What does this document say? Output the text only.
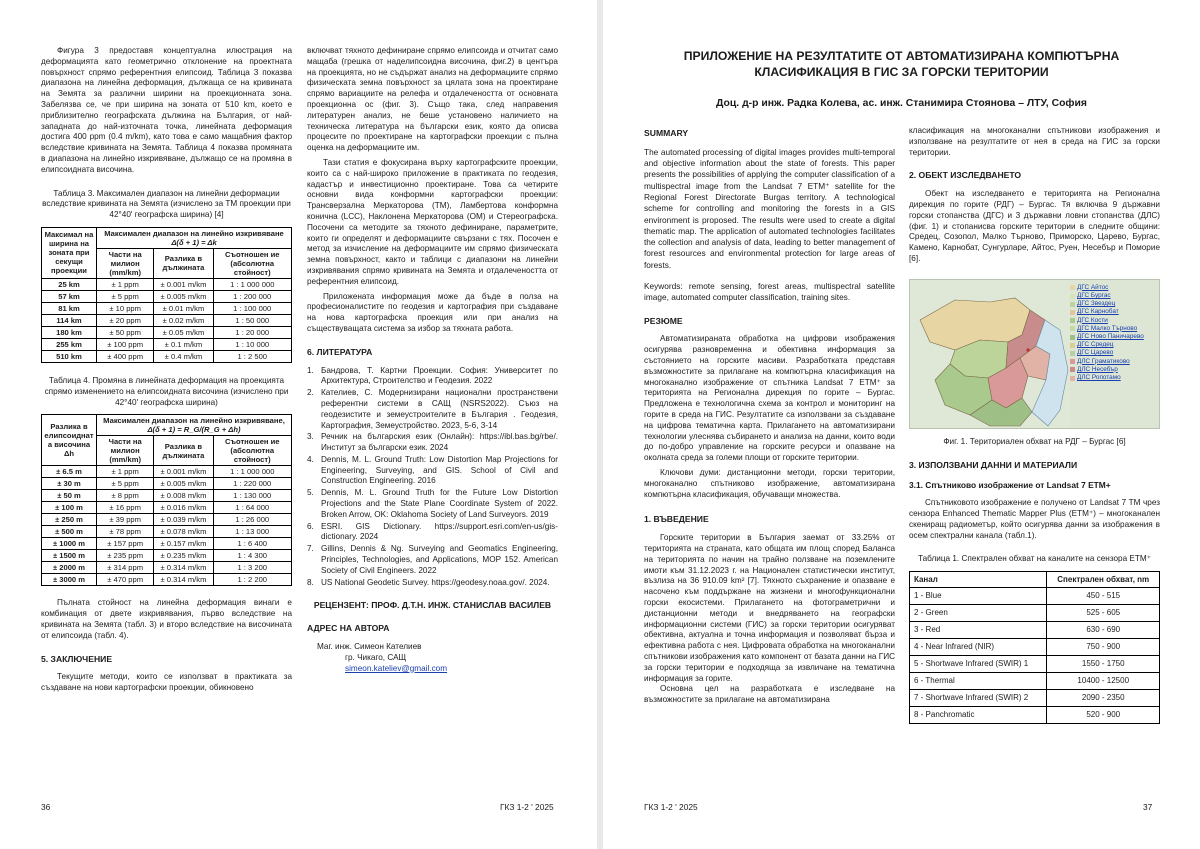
Фигура 3 предоставя концептуална илюстрация на деформацията като геометрично отклонение на проектната повърхност спрямо референтния елипсоид. Таблица 3 показва диапазона на линейна деформация, дължаща се на кривината на Земята за различни ширини на проекционната зона. Забелязва се, че при ширина на зоната от 510 km, което е приблизително географската дължина на България, от най-западната до най-източната точка, линейната деформация достига 400 ppm (0.4 m/km), като това е само мащабния фактор вследствие кривината на Земята. Таблица 4 показва промяната в диапазона на линейно изкривяване, дължащо се на промяна в елипсоидната височина.

Таблица 3. Максимален диапазон на линейни деформации вследствие кривината на Земята (изчислено за TM проекции при 42°40' географска ширина) [4]

Максимал на ширина на зоната при секущи проекции	Максимален диапазон на линейно изкривяване Δ(δ + 1) = Δk		
	Части на милион (mm/km)	Разлика в дължината	Съотношен ие (абсолютна стойност)
25 km	± 1 ppm	± 0.001 m/km	1 : 1 000 000
57 km	± 5 ppm	± 0.005 m/km	1 : 200 000
81 km	± 10 ppm	± 0.01 m/km	1 : 100 000
114 km	± 20 ppm	± 0.02 m/km	1 : 50 000
180 km	± 50 ppm	± 0.05 m/km	1 : 20 000
255 km	± 100 ppm	± 0.1 m/km	1 : 10 000
510 km	± 400 ppm	± 0.4 m/km	1 : 2 500

Таблица 4. Промяна в линейната деформация на проекцията спрямо изменението на елипсоидната височина (изчислено при 42°40' географска ширина)

Разлика в елипсоиднат а височина Δh	Максимален диапазон на линейно изкривяване,
Δ(δ + 1) = R_G/(R_G + Δh)		
	Части на милион (mm/km)	Разлика в дължината	Съотношен ие (абсолютна стойност)
± 6.5 m	± 1 ppm	± 0.001 m/km	1 : 1 000 000
± 30 m	± 5 ppm	± 0.005 m/km	1 : 220 000
± 50 m	± 8 ppm	± 0.008 m/km	1 : 130 000
± 100 m	± 16 ppm	± 0.016 m/km	1 : 64 000
± 250 m	± 39 ppm	± 0.039 m/km	1 : 26 000
± 500 m	± 78 ppm	± 0.078 m/km	1 : 13 000
± 1000 m	± 157 ppm	± 0.157 m/km	1 : 6 400
± 1500 m	± 235 ppm	± 0.235 m/km	1 : 4 300
± 2000 m	± 314 ppm	± 0.314 m/km	1 : 3 200
± 3000 m	± 470 ppm	± 0.314 m/km	1 : 2 200

Пълната стойност на линейна деформация винаги е комбинация от двете изкривявания, първо вследствие на кривината на Земята (табл. 3) и второ вследствие на височината от елипсоида (табл. 4).

5. ЗАКЛЮЧЕНИЕ

Текущите методи, които се използват в практиката за създаване на нови картографски проекции, обикновено

включват тяхното дефиниране спрямо елипсоида и отчитат само мащаба (грешка от наделипсоидна височина, фиг.2) в центъра на проекцията, но не съдържат анализ на деформациите спрямо физическата земна повърхност за цялата зона на проектиране спрямо вариациите на релефа и отдалечеността от основната проекционна ос (фиг. 3). Също така, след направения литературен анализ, не беше установено наличието на техническа литература на български език, която да описва процесите по проектиране на картографски проекции с пълна оценка на деформациите им.

Тази статия е фокусирана върху картографските проекции, които са с най-широко приложение в практиката по геодезия, кадастър и инвестиционно проектиране. Това са четирите основни вида конформни картографски проекции: Трансверзална Меркаторова (TM), Ламбертова конформна конична (LCC), Наклонена Меркаторова (OM) и Стереографска. Посочени са методите за тяхното дефиниране, параметрите, които ги определят и деформациите свързани с тях. Посочен е метод за изчисление на деформациите им спрямо физическата земна повърхност, както и таблици с диапазони на линейни изкривявания спрямо кривината на Земята и отдалечеността от референтния елипсоид.

Приложената информация може да бъде в полза на професионалистите по геодезия и картография при създаване на нова картографска проекция или при анализ на съществуващата система за избор за тяхната работа.

6. ЛИТЕРАТУРА
1. Бандрова, Т. Картни Проекции. София: Университет по Архитектура, Строителство и Геодезия. 2022
2. Кателиев, С. Модернизирани национални пространствени референтни системи в САЩ (NSRS2022). Съюз на геодезистите и земеустроителите в България . Геодезия, Картография, Земеустройство. 2023, 5-6, 3-14
3. Речник на българския език (Онлайн): https://ibl.bas.bg/rbe/. Институт за български език. 2024
4. Dennis, M. L. Ground Truth: Low Distortion Map Projections for Engineering, Surveying, and GIS. School of Civil and Construction Engineering. 2016
5. Dennis, M. L. Ground Truth for the Future Low Distortion Projections and the State Plane Coordinate System of 2022. Broken Arrow, OK: Oklahoma Society of Land Surveyors. 2019
6. ESRI. GIS Dictionary. https://support.esri.com/en-us/gis-dictionary. 2024
7. Gillins, Dennis & Ng. Surveying and Geomatics Engineering, Principles, Technologies, and Applications, MOP 152. American Society of Civil Engineers. 2022
8. US National Geodetic Survey. https://geodesy.noaa.gov/. 2024.
РЕЦЕНЗЕНТ: ПРОФ. Д.Т.Н. ИНЖ. СТАНИСЛАВ ВАСИЛЕВ
АДРЕС НА АВТОРА
Маг. инж. Симеон Кателиев
гр. Чикаго, САЩ
simeon.kateliev@gmail.com
36	ГКЗ 1-2 ' 2025
ПРИЛОЖЕНИЕ НА РЕЗУЛТАТИТЕ ОТ АВТОМАТИЗИРАНА КОМПЮТЪРНА КЛАСИФИКАЦИЯ В ГИС ЗА ГОРСКИ ТЕРИТОРИИ
Доц. д-р инж. Радка Колева, ас. инж. Станимира Стоянова – ЛТУ, София
SUMMARY

The automated processing of digital images provides multi-temporal and objective information about the state of forests. This paper presents the possibilities of applying the computer classification of a multispectral image from the Landsat 7 ETM⁺ satellite for the Regional Forest Directorate Burgas territory. A technological scheme for controlling and monitoring the forests in a GIS environment is proposed. The results were used to create a digital thematic map. The application of automated technologies facilitates the collection and analysis of data, leading to better management of forest resources and environmental protection for large areas of forests.

Keywords: remote sensing, forest areas, multispectral satellite image, automated computer classification, training sites.

РЕЗЮМЕ

Автоматизираната обработка на цифрови изображения осигурява разновременна и обективна информация за състоянието на горските масиви. Разработката представя възможностите за прилагане на компютърна класификация на многоканално изображение от спътника Landsat 7 ETM⁺ за територията на Регионална дирекция по горите – Бургас. Предложена е технологична схема за контрол и мониторинг на горите в среда на ГИС. Резултатите са използвани за създаване на цифрова тематична карта. Прилагането на автоматизирани технологии улеснява събирането и анализа на данни, които води до по-добро управление на горските ресурси и опазване на околната среда за големи площи от горските територии.

Ключови думи: дистанционни методи, горски територии, многоканално спътниково изображение, автоматизирана компютърна класификация, обучаващи множества.

1. ВЪВЕДЕНИЕ

Горските територии в България заемат от 33.25% от територията на страната, като общата им площ според Баланса на територията по начин на трайно ползване на поземлените имоти към 31.12.2023 г. на Национален статистически институт, възлиза на 36 910.09 km² [7]. Тяхното съхранение и опазване е насочено към поддържане на жизнени и многофункционални горски екосистеми. Прилагането на фотограметрични и дистанционни методи и внедряването на географски информационни системи (ГИС) за горски територии осигуряват обективна, актуална и точна информация и позволяват бърза и ефективна работа с нея. Цифровата обработка на многоканални спътникови изображения като компонент от базата данни на ГИС за горски територии е подходяща за извличане на тематична информация за горите.

Основна цел на разработката е изследване на възможностите за прилагане на автоматизирана

класификация на многоканални спътникови изображения и използване на резултатите от нея в среда на ГИС за горски територии.

2. ОБЕКТ ИЗСЛЕДВАНЕТО

Обект на изследването е територията на Регионална дирекция по горите (РДГ) – Бургас. Тя включва 9 държавни горски стопанства (ДГС) и 3 държавни ловни стопанства (ДЛС) (фиг. 1) и стопанисва горските територии в следните общини: Средец, Созопол, Малко Търново, Приморско, Царево, Бургас, Камено, Карнобат, Сунгурларе, Айтос, Руен, Несебър и Поморие [6].

ДГС Айтос
ДГС Бургас
ДГС Звездец
ДГС Карнобат
ДГС Кости
ДГС Малко Търново
ДГС Ново Паничарево
ДГС Средец
ДГС Царево
ДЛС Граматиково
ДЛС Несебър
ДЛС Ропотамо

Фиг. 1. Териториален обхват на РДГ – Бургас [6]

3. ИЗПОЛЗВАНИ ДАННИ И МАТЕРИАЛИ
3.1. Спътниково изображение от Landsat 7 ETM+

Спътниковото изображение е получено от Landsat 7 TM чрез сензора Enhanced Thematic Mapper Plus (ETM⁺) – многоканален скениращ радиометър, който осигурява данни за изображения в осем спектрални канала (табл.1).

Таблица 1. Спектрален обхват на каналите на сензора ETM⁺

Канал	Спектрален обхват, nm
1 - Blue	450 - 515
2 - Green	525 - 605
3 - Red	630 - 690
4 - Near Infrared (NIR)	750 - 900
5 - Shortwave Infrared (SWIR) 1	1550 - 1750
6 - Thermal	10400 - 12500
7 - Shortwave Infrared (SWIR) 2	2090 - 2350
8 - Panchromatic	520 - 900
ГКЗ 1-2 ' 2025	37
